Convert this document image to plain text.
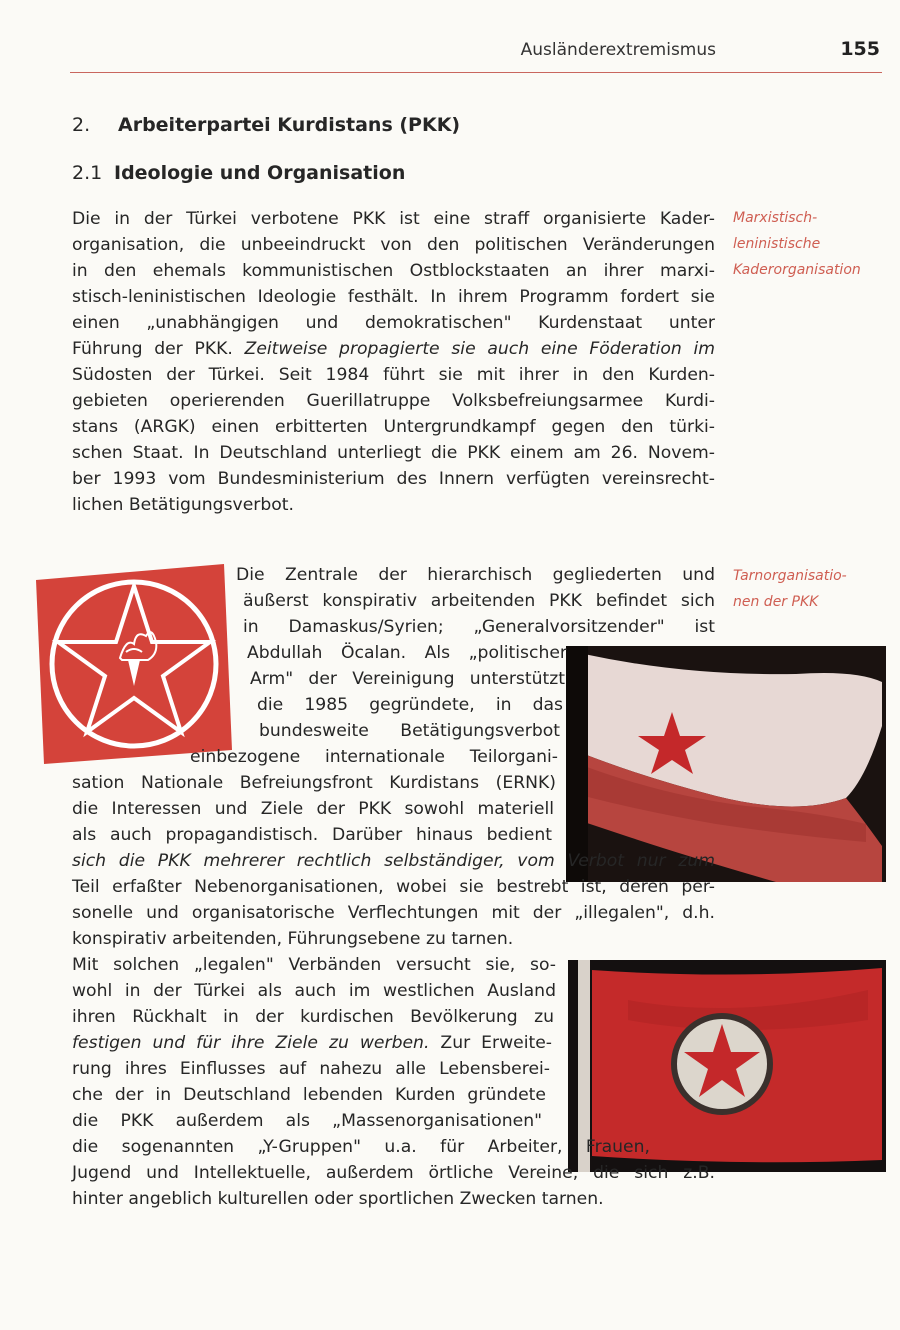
Ausländerextremismus	155
2. Arbeiterpartei Kurdistans (PKK)
2.1 Ideologie und Organisation
Die in der Türkei verbotene PKK ist eine straff organisierte Kader-
organisation, die unbeeindruckt von den politischen Veränderungen
in den ehemals kommunistischen Ostblockstaaten an ihrer marxi-
stisch-leninistischen Ideologie festhält. In ihrem Programm fordert sie
einen „unabhängigen und demokratischen" Kurdenstaat unter
Führung der PKK. Zeitweise propagierte sie auch eine Föderation im
Südosten der Türkei. Seit 1984 führt sie mit ihrer in den Kurden-
gebieten operierenden Guerillatruppe Volksbefreiungsarmee Kurdi-
stans (ARGK) einen erbitterten Untergrundkampf gegen den türki-
schen Staat. In Deutschland unterliegt die PKK einem am 26. Novem-
ber 1993 vom Bundesministerium des Innern verfügten vereinsrecht-
lichen Betätigungsverbot.
Marxistisch-
leninistische
Kaderorganisation
Tarnorganisatio-
nen der PKK
Die Zentrale der hierarchisch gegliederten und
äußerst konspirativ arbeitenden PKK befindet sich
in Damaskus/Syrien; „Generalvorsitzender" ist
Abdullah Öcalan. Als „politischer
Arm" der Vereinigung unterstützt
die 1985 gegründete, in das
bundesweite Betätigungsverbot
einbezogene internationale Teilorgani-
sation Nationale Befreiungsfront Kurdistans (ERNK)
die Interessen und Ziele der PKK sowohl materiell
als auch propagandistisch. Darüber hinaus bedient
sich die PKK mehrerer rechtlich selbständiger, vom Verbot nur zum
Teil erfaßter Nebenorganisationen, wobei sie bestrebt ist, deren per-
sonelle und organisatorische Verflechtungen mit der „illegalen", d.h.
konspirativ arbeitenden, Führungsebene zu tarnen.
Mit solchen „legalen" Verbänden versucht sie, so-
wohl in der Türkei als auch im westlichen Ausland
ihren Rückhalt in der kurdischen Bevölkerung zu
festigen und für ihre Ziele zu werben. Zur Erweite-
rung ihres Einflusses auf nahezu alle Lebensberei-
che der in Deutschland lebenden Kurden gründete
die PKK außerdem als „Massenorganisationen"
die sogenannten „Y-Gruppen" u.a. für Arbeiter, Frauen,
Jugend und Intellektuelle, außerdem örtliche Vereine, die sich z.B.
hinter angeblich kulturellen oder sportlichen Zwecken tarnen.
